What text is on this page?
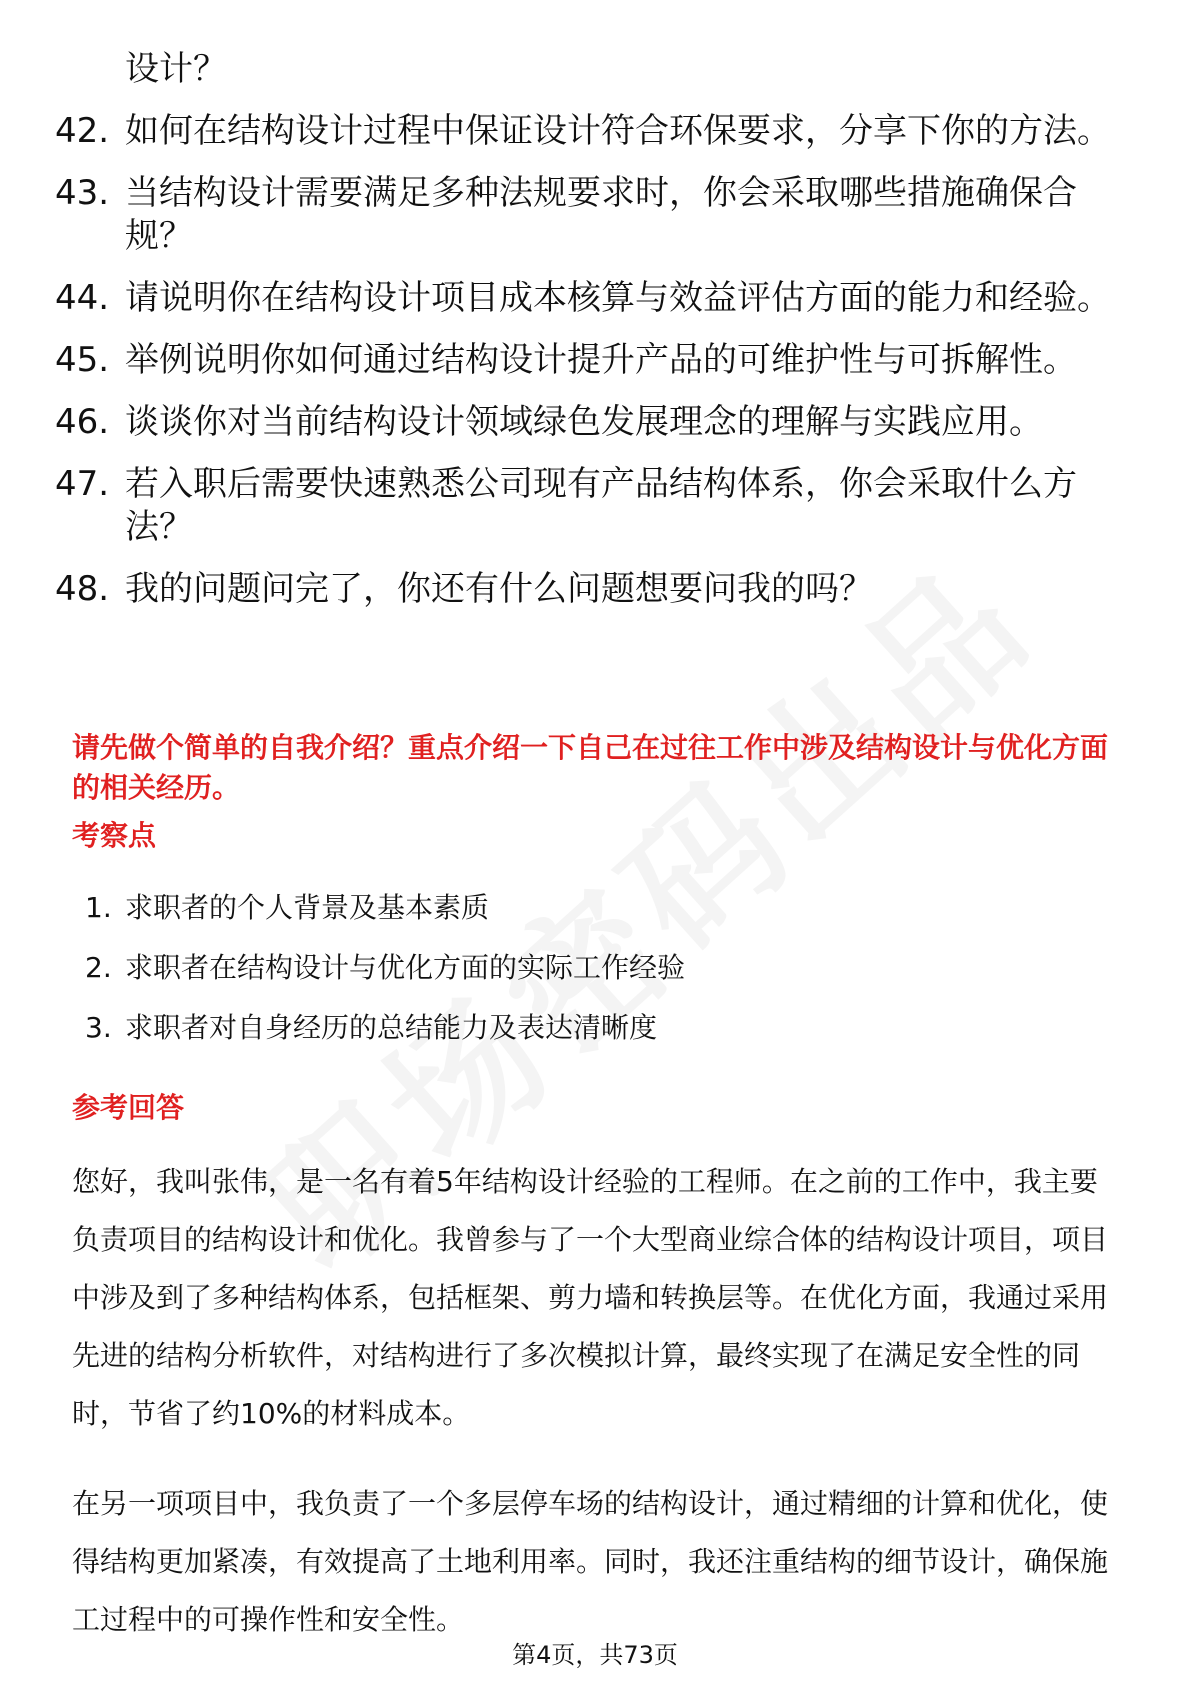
设计？
42. 如何在结构设计过程中保证设计符合环保要求，分享下你的方法。
43. 当结构设计需要满足多种法规要求时，你会采取哪些措施确保合规？
44. 请说明你在结构设计项目成本核算与效益评估方面的能力和经验。
45. 举例说明你如何通过结构设计提升产品的可维护性与可拆解性。
46. 谈谈你对当前结构设计领域绿色发展理念的理解与实践应用。
47. 若入职后需要快速熟悉公司现有产品结构体系，你会采取什么方法？
48. 我的问题问完了，你还有什么问题想要问我的吗？
请先做个简单的自我介绍？重点介绍一下自己在过往工作中涉及结构设计与优化方面的相关经历。
考察点
1. 求职者的个人背景及基本素质
2. 求职者在结构设计与优化方面的实际工作经验
3. 求职者对自身经历的总结能力及表达清晰度
参考回答

您好，我叫张伟，是一名有着5年结构设计经验的工程师。在之前的工作中，我主要负责项目的结构设计和优化。我曾参与了一个大型商业综合体的结构设计项目，项目中涉及到了多种结构体系，包括框架、剪力墙和转换层等。在优化方面，我通过采用先进的结构分析软件，对结构进行了多次模拟计算，最终实现了在满足安全性的同时，节省了约10%的材料成本。

在另一项项目中，我负责了一个多层停车场的结构设计，通过精细的计算和优化，使得结构更加紧凑，有效提高了土地利用率。同时，我还注重结构的细节设计，确保施工过程中的可操作性和安全性。

第4页，共73页
